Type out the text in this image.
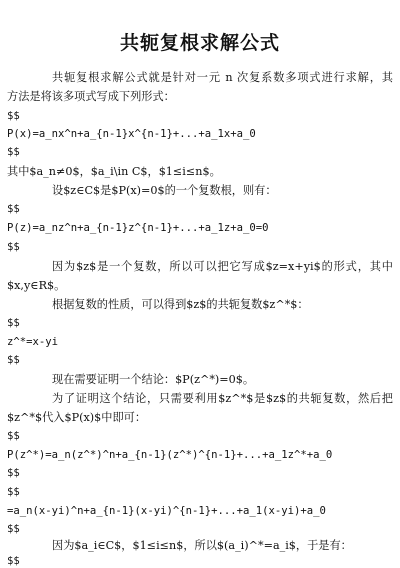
共轭复根求解公式
共轭复根求解公式就是针对一元 n 次复系数多项式进行求解，其
方法是将该多项式写成下列形式：
$$
P(x)=a_nx^n+a_{n-1}x^{n-1}+...+a_1x+a_0
$$
其中$a_n≠0$，$a_i\in C$，$1≤i≤n$。
设$z∈C$是$P(x)=0$的一个复数根，则有：
$$
P(z)=a_nz^n+a_{n-1}z^{n-1}+...+a_1z+a_0=0
$$
因为$z$是一个复数，所以可以把它写成$z=x+yi$的形式，其中
$x,y∈R$。
根据复数的性质，可以得到$z$的共轭复数$z^*$：
$$
z^*=x-yi
$$
现在需要证明一个结论：$P(z^*)=0$。
为了证明这个结论，只需要利用$z^*$是$z$的共轭复数，然后把
$z^*$代入$P(x)$中即可：
$$
P(z^*)=a_n(z^*)^n+a_{n-1}(z^*)^{n-1}+...+a_1z^*+a_0
$$
$$
=a_n(x-yi)^n+a_{n-1}(x-yi)^{n-1}+...+a_1(x-yi)+a_0
$$
因为$a_i∈C$，$1≤i≤n$，所以$(a_i)^*=a_i$，于是有：
$$
